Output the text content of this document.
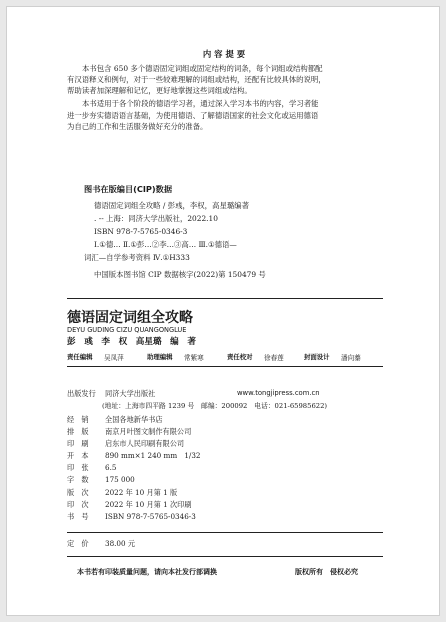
内 容 提 要
本书包含 650 多个德语固定词组或固定结构的词条，每个词组或结构都配
有汉语释义和例句，对于一些较难理解的词组或结构，还配有比较具体的说明，
帮助读者加深理解和记忆，更好地掌握这些词组或结构。
本书适用于各个阶段的德语学习者，通过深入学习本书的内容，学习者能
进一步夯实德语语言基础，为使用德语、了解德语国家的社会文化或运用德语
为自己的工作和生活服务做好充分的准备。
图书在版编目(CIP)数据
德语固定词组全攻略 / 彭彧，李权，高星璐编著
. -- 上海：同济大学出版社，2022.10
ISBN 978-7-5765-0346-3
Ⅰ.①德… Ⅱ.①彭…②李…③高… Ⅲ.①德语—
词汇—自学参考资料 Ⅳ.①H333
中国版本图书馆 CIP 数据核字(2022)第 150479 号
德语固定词组全攻略
DEYU GUDING CIZU QUANGONGLUE
彭　彧　李　权　高星璐　编　著
责任编辑 吴凤萍	助理编辑 常紫寒	责任校对 徐春莲	封面设计 潘向蓁
出版发行 同济大学出版社	www.tongjipress.com.cn
(地址：上海市四平路 1239 号　邮编：200092　电话：021-65985622)
经　销	全国各地新华书店
排　版	南京月叶图文制作有限公司
印　刷	启东市人民印刷有限公司
开　本	890 mm×1 240 mm　1/32
印　张	6.5
字　数	175 000
版　次	2022 年 10 月第 1 版
印　次	2022 年 10 月第 1 次印刷
书　号	ISBN 978-7-5765-0346-3
定　价	38.00 元
本书若有印装质量问题，请向本社发行部调换	版权所有　侵权必究
